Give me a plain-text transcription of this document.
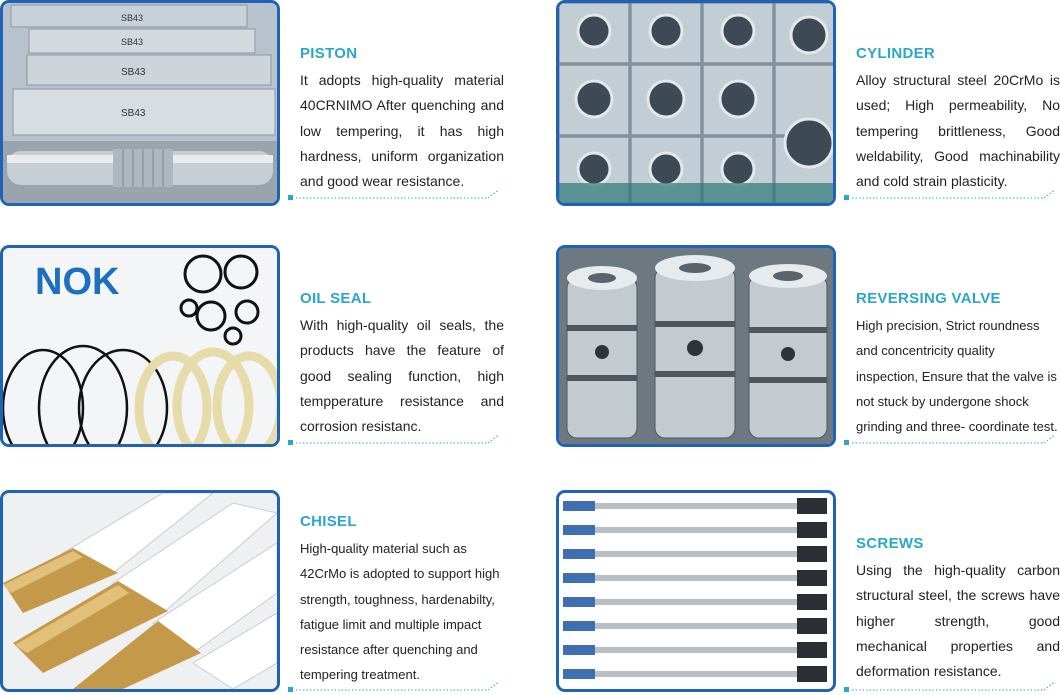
SB43
SB43
SB43
SB43
PISTON
It adopts high-quality material 40CRNIMO After quenching and low tempering, it has high hardness, uniform organization and good wear resistance.
CYLINDER
Alloy structural steel 20CrMo is used; High permeability, No tempering brittleness, Good weldability, Good machinability and cold strain plasticity.
NOK	OIL SEAL
With high-quality oil seals, the products have the feature of good sealing function, high tempperature resistance and corrosion resistanc.
REVERSING VALVE
High precision, Strict roundness and concentricity quality inspection, Ensure that the valve is not stuck by undergone shock grinding and three- coordinate test.
CHISEL
High-quality material such as 42CrMo is adopted to support high strength, toughness, hardenabilty, fatigue limit and multiple impact resistance after quenching and tempering treatment.
SCREWS
Using the high-quality carbon structural steel, the screws have higher strength, good mechanical properties and deformation resistance.
